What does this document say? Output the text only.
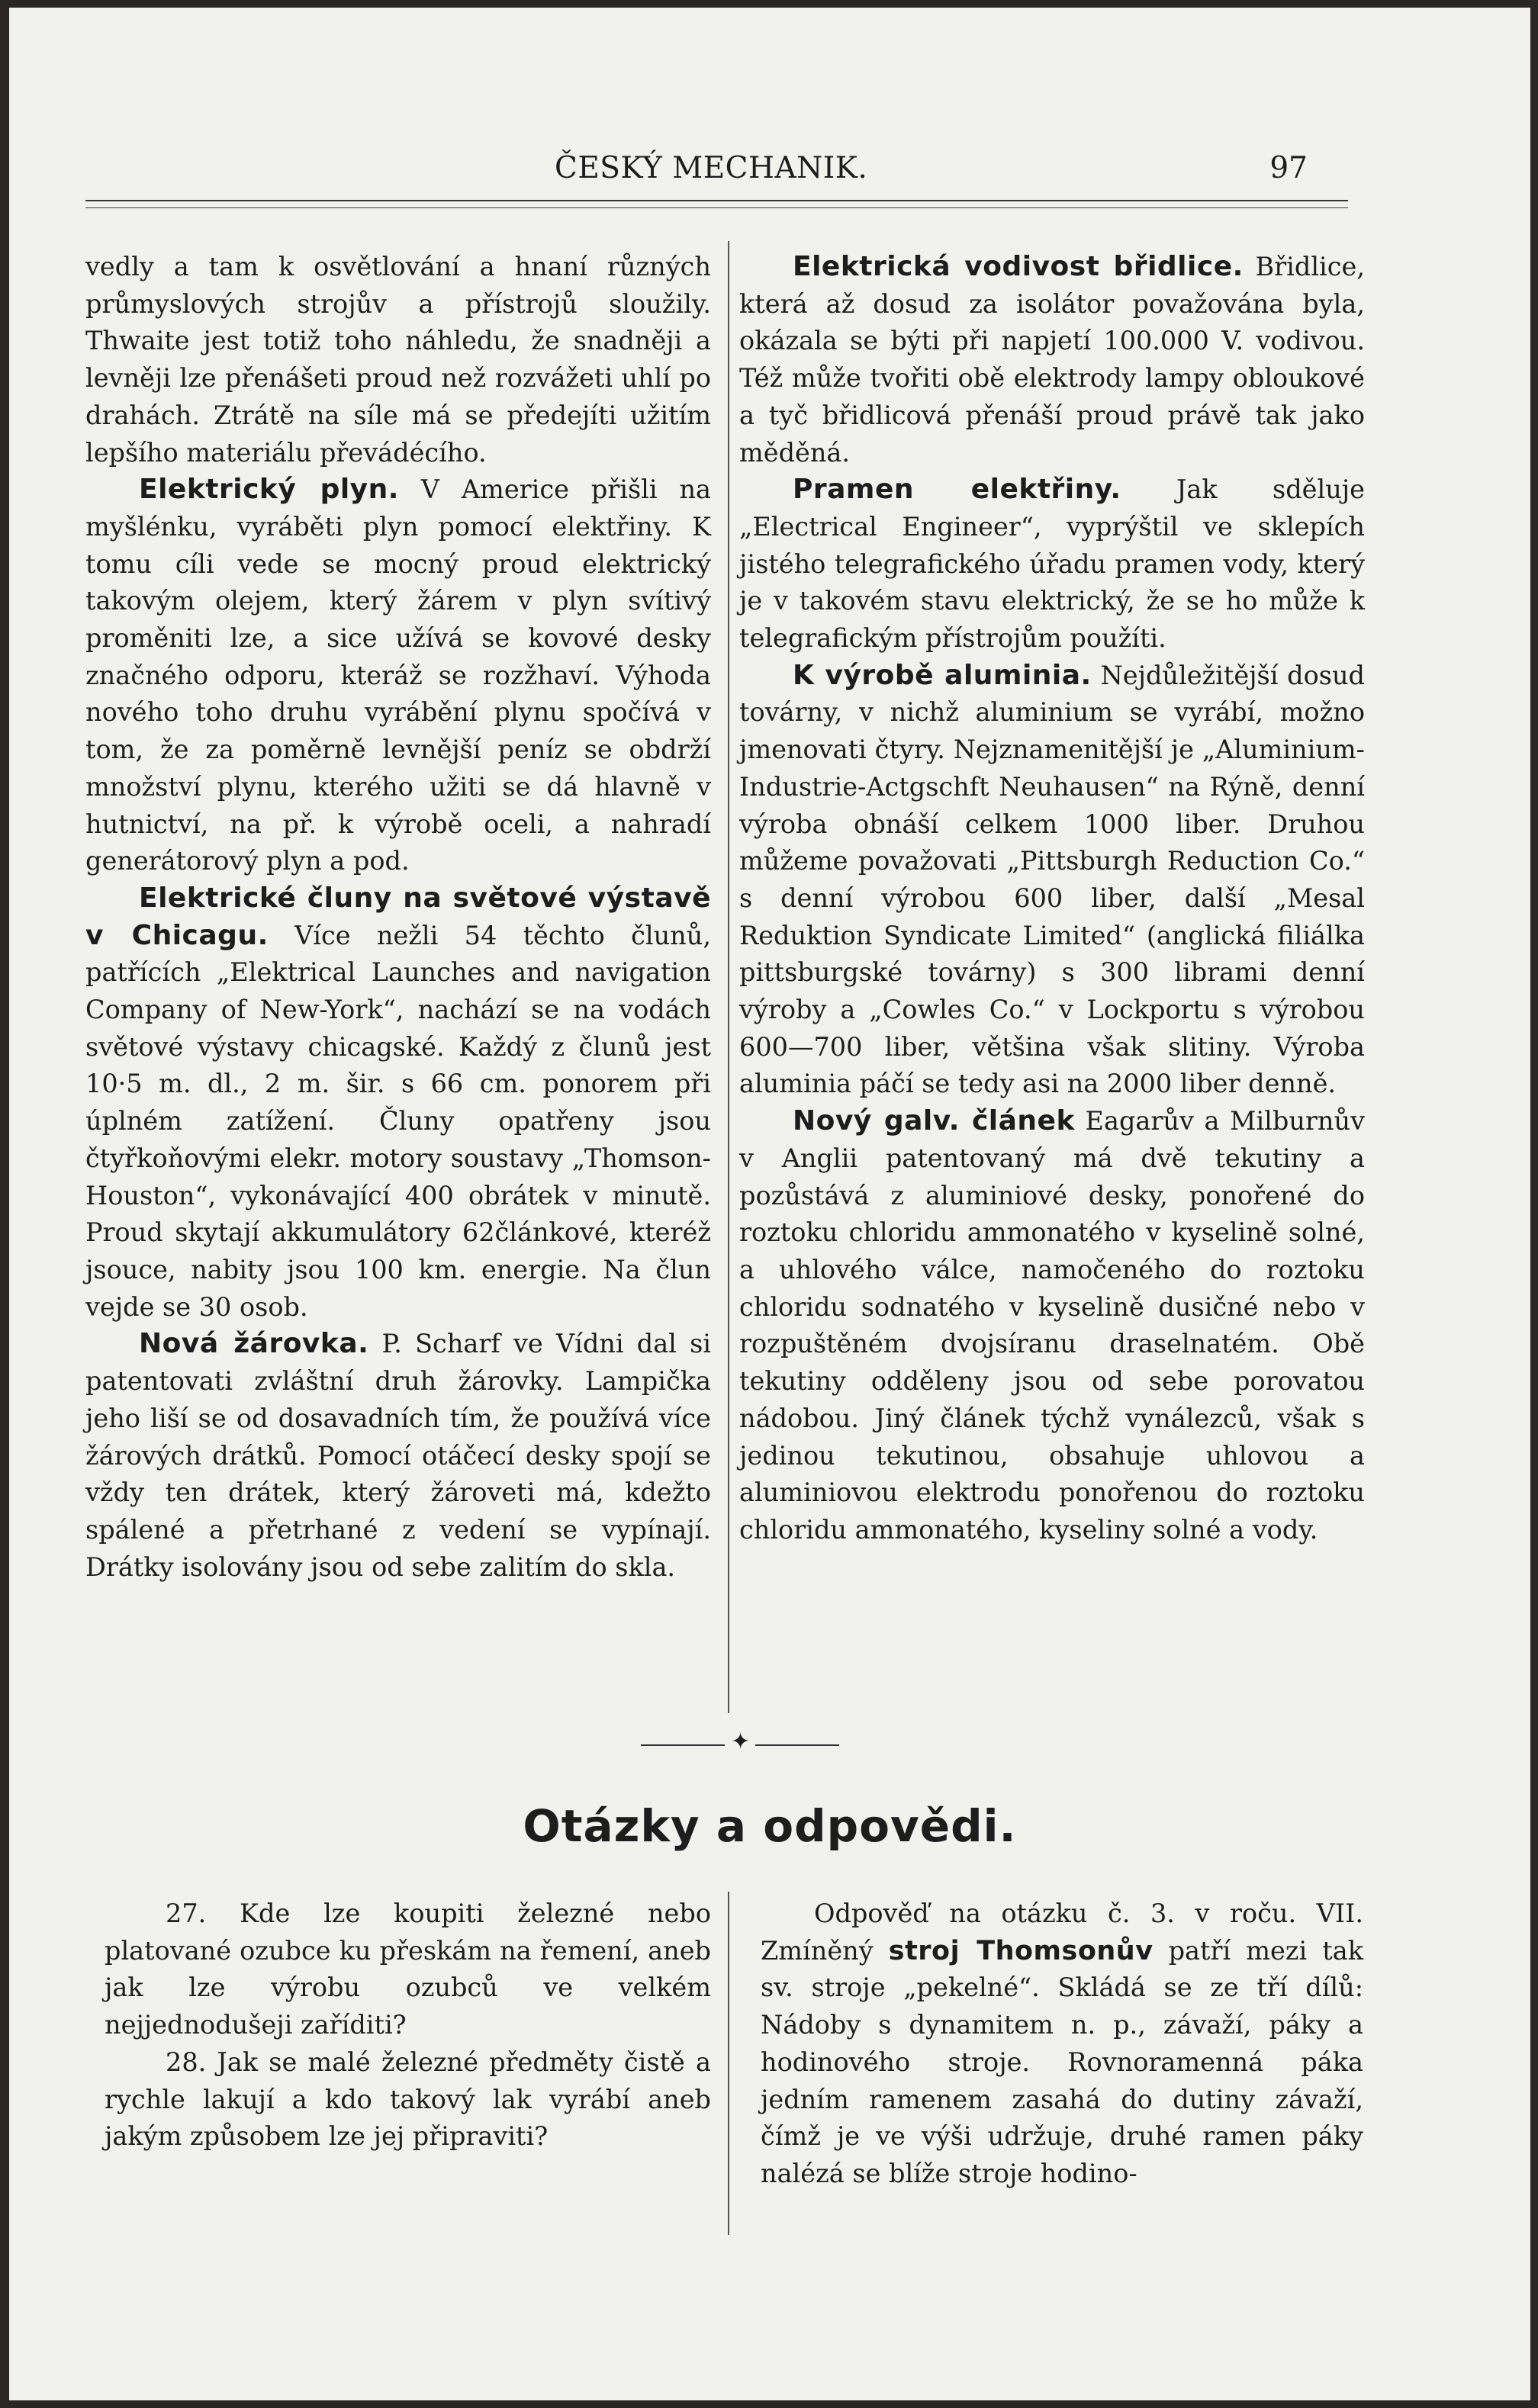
ČESKÝ MECHANIK.	97

vedly a tam k osvětlování a hnaní různých průmyslových strojův a přístrojů sloužily. Thwaite jest totiž toho náhledu, že snadněji a levněji lze přenášeti proud než rozvážeti uhlí po drahách. Ztrátě na síle má se předejíti užitím lepšího materiálu převádécího.

Elektrický plyn. V Americe přišli na myšlénku, vyráběti plyn pomocí elektřiny. K tomu cíli vede se mocný proud elektrický takovým olejem, který žárem v plyn svítivý proměniti lze, a sice užívá se kovové desky značného odporu, kteráž se rozžhaví. Výhoda nového toho druhu vyrábění plynu spočívá v tom, že za poměrně levnější peníz se obdrží množství plynu, kterého užiti se dá hlavně v hutnictví, na př. k výrobě oceli, a nahradí generátorový plyn a pod.

Elektrické čluny na světové výstavě v Chicagu. Více nežli 54 těchto člunů, patřících „Elektrical Launches and navigation Company of New-York“, nachází se na vodách světové výstavy chicagské. Každý z člunů jest 10·5 m. dl., 2 m. šir. s 66 cm. ponorem při úplném zatížení. Čluny opatřeny jsou čtyřkoňovými elekr. motory soustavy „Thomson-Houston“, vykonávající 400 obrátek v minutě. Proud skytají akkumulátory 62článkové, kteréž jsouce, nabity jsou 100 km. energie. Na člun vejde se 30 osob.

Nová žárovka. P. Scharf ve Vídni dal si patentovati zvláštní druh žárovky. Lampička jeho liší se od dosavadních tím, že používá více žárových drátků. Pomocí otáčecí desky spojí se vždy ten drátek, který žároveti má, kdežto spálené a přetrhané z vedení se vypínají. Drátky isolovány jsou od sebe zalitím do skla.

Elektrická vodivost břidlice. Břidlice, která až dosud za isolátor považována byla, okázala se býti při napjetí 100.000 V. vodivou. Též může tvořiti obě elektrody lampy obloukové a tyč břidlicová přenáší proud právě tak jako měděná.

Pramen elektřiny. Jak sděluje „Electrical Engineer“, vyprýštil ve sklepích jistého telegrafického úřadu pramen vody, který je v takovém stavu elektrický, že se ho může k telegrafickým přístrojům použíti.

K výrobě aluminia. Nejdůležitější dosud továrny, v nichž aluminium se vyrábí, možno jmenovati čtyry. Nejznamenitější je „Aluminium-Industrie-Actgschft Neuhausen“ na Rýně, denní výroba obnáší celkem 1000 liber. Druhou můžeme považovati „Pittsburgh Reduction Co.“ s denní výrobou 600 liber, další „Mesal Reduktion Syndicate Limited“ (anglická filiálka pittsburgské továrny) s 300 librami denní výroby a „Cowles Co.“ v Lockportu s výrobou 600—700 liber, většina však slitiny. Výroba aluminia páčí se tedy asi na 2000 liber denně.

Nový galv. článek Eagarův a Milburnův v Anglii patentovaný má dvě tekutiny a pozůstává z aluminiové desky, ponořené do roztoku chloridu ammonatého v kyselině solné, a uhlového válce, namočeného do roztoku chloridu sodnatého v kyselině dusičné nebo v rozpuštěném dvojsíranu draselnatém. Obě tekutiny odděleny jsou od sebe porovatou nádobou. Jiný článek týchž vynálezců, však s jedinou tekutinou, obsahuje uhlovou a aluminiovou elektrodu ponořenou do roztoku chloridu ammonatého, kyseliny solné a vody.

✦
Otázky a odpovědi.

27. Kde lze koupiti železné nebo platované ozubce ku přeskám na řemení, aneb jak lze výrobu ozubců ve velkém nejjednodušeji zaříditi?

28. Jak se malé železné předměty čistě a rychle lakují a kdo takový lak vyrábí aneb jakým způsobem lze jej připraviti?

Odpověď na otázku č. 3. v roču. VII. Zmíněný stroj Thomsonův patří mezi tak sv. stroje „pekelné“. Skládá se ze tří dílů: Nádoby s dynamitem n. p., závaží, páky a hodinového stroje. Rovnoramenná páka jedním ramenem zasahá do dutiny závaží, čímž je ve výši udržuje, druhé ramen páky nalézá se blíže stroje hodino-
